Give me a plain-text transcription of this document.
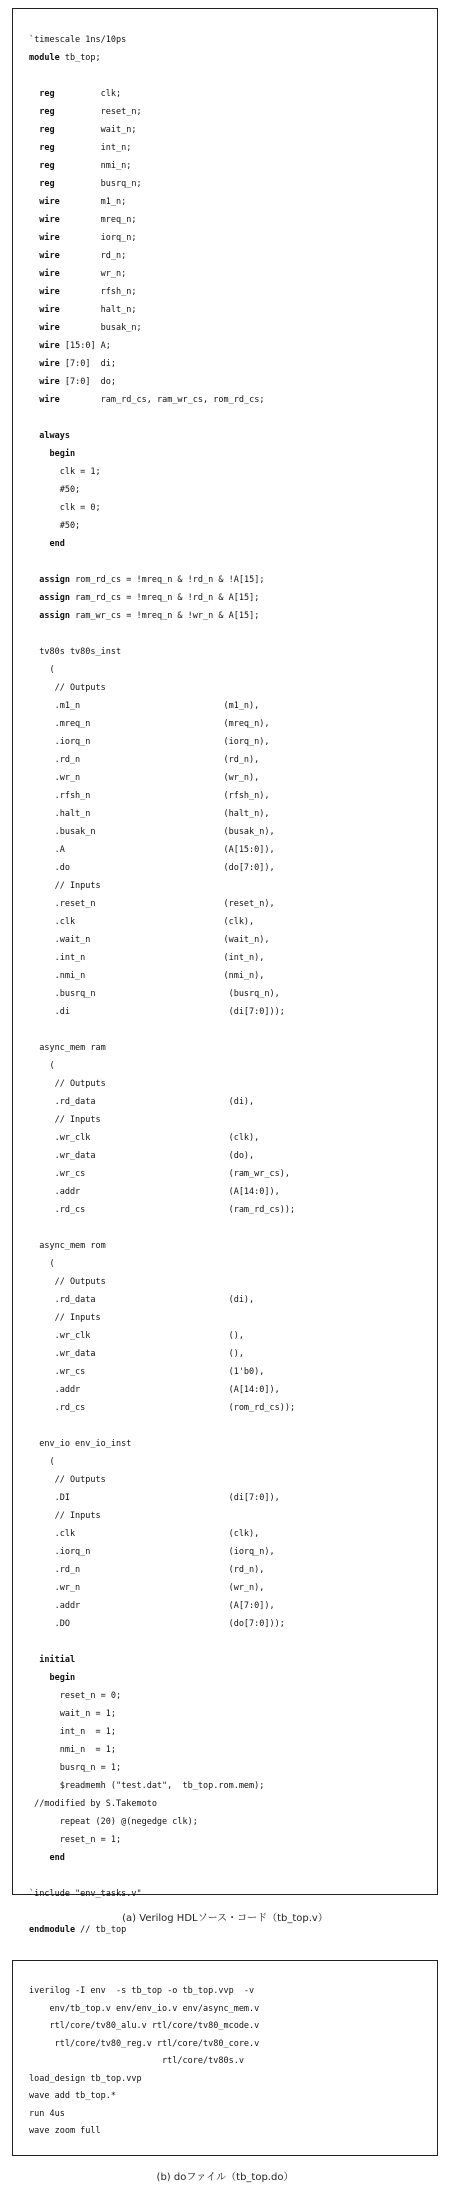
`timescale 1ns/10ps
module tb_top;

reg         clk;
reg         reset_n;
reg         wait_n;
reg         int_n;
reg         nmi_n;
reg         busrq_n;
wire        m1_n;
wire        mreq_n;
wire        iorq_n;
wire        rd_n;
wire        wr_n;
wire        rfsh_n;
wire        halt_n;
wire        busak_n;
wire [15:0] A;
wire [7:0]  di;
wire [7:0]  do;
wire        ram_rd_cs, ram_wr_cs, rom_rd_cs;

always
begin
clk = 1;
#50;
clk = 0;
#50;
end

assign rom_rd_cs = !mreq_n & !rd_n & !A[15];
assign ram_rd_cs = !mreq_n & !rd_n & A[15];
assign ram_wr_cs = !mreq_n & !wr_n & A[15];

tv80s tv80s_inst
(
// Outputs
.m1_n                            (m1_n),
.mreq_n                          (mreq_n),
.iorq_n                          (iorq_n),
.rd_n                            (rd_n),
.wr_n                            (wr_n),
.rfsh_n                          (rfsh_n),
.halt_n                          (halt_n),
.busak_n                         (busak_n),
.A                               (A[15:0]),
.do                              (do[7:0]),
// Inputs
.reset_n                         (reset_n),
.clk                             (clk),
.wait_n                          (wait_n),
.int_n                           (int_n),
.nmi_n                           (nmi_n),
.busrq_n                          (busrq_n),
.di                               (di[7:0]));

async_mem ram
(
// Outputs
.rd_data                          (di),
// Inputs
.wr_clk                           (clk),
.wr_data                          (do),
.wr_cs                            (ram_wr_cs),
.addr                             (A[14:0]),
.rd_cs                            (ram_rd_cs));

async_mem rom
(
// Outputs
.rd_data                          (di),
// Inputs
.wr_clk                           (),
.wr_data                          (),
.wr_cs                            (1'b0),
.addr                             (A[14:0]),
.rd_cs                            (rom_rd_cs));

env_io env_io_inst
(
// Outputs
.DI                               (di[7:0]),
// Inputs
.clk                              (clk),
.iorq_n                           (iorq_n),
.rd_n                             (rd_n),
.wr_n                             (wr_n),
.addr                             (A[7:0]),
.DO                               (do[7:0]));

initial
begin
reset_n = 0;
wait_n = 1;
int_n  = 1;
nmi_n  = 1;
busrq_n = 1;
$readmemh ("test.dat",  tb_top.rom.mem);
//modified by S.Takemoto
repeat (20) @(negedge clk);
reset_n = 1;
end

`include "env_tasks.v"

endmodule // tb_top
(a) Verilog HDLソース・コード（tb_top.v）
iverilog -I env  -s tb_top -o tb_top.vvp  -v
env/tb_top.v env/env_io.v env/async_mem.v
rtl/core/tv80_alu.v rtl/core/tv80_mcode.v
rtl/core/tv80_reg.v rtl/core/tv80_core.v
rtl/core/tv80s.v
load_design tb_top.vvp
wave add tb_top.*
run 4us
wave zoom full
(b) doファイル（tb_top.do）
